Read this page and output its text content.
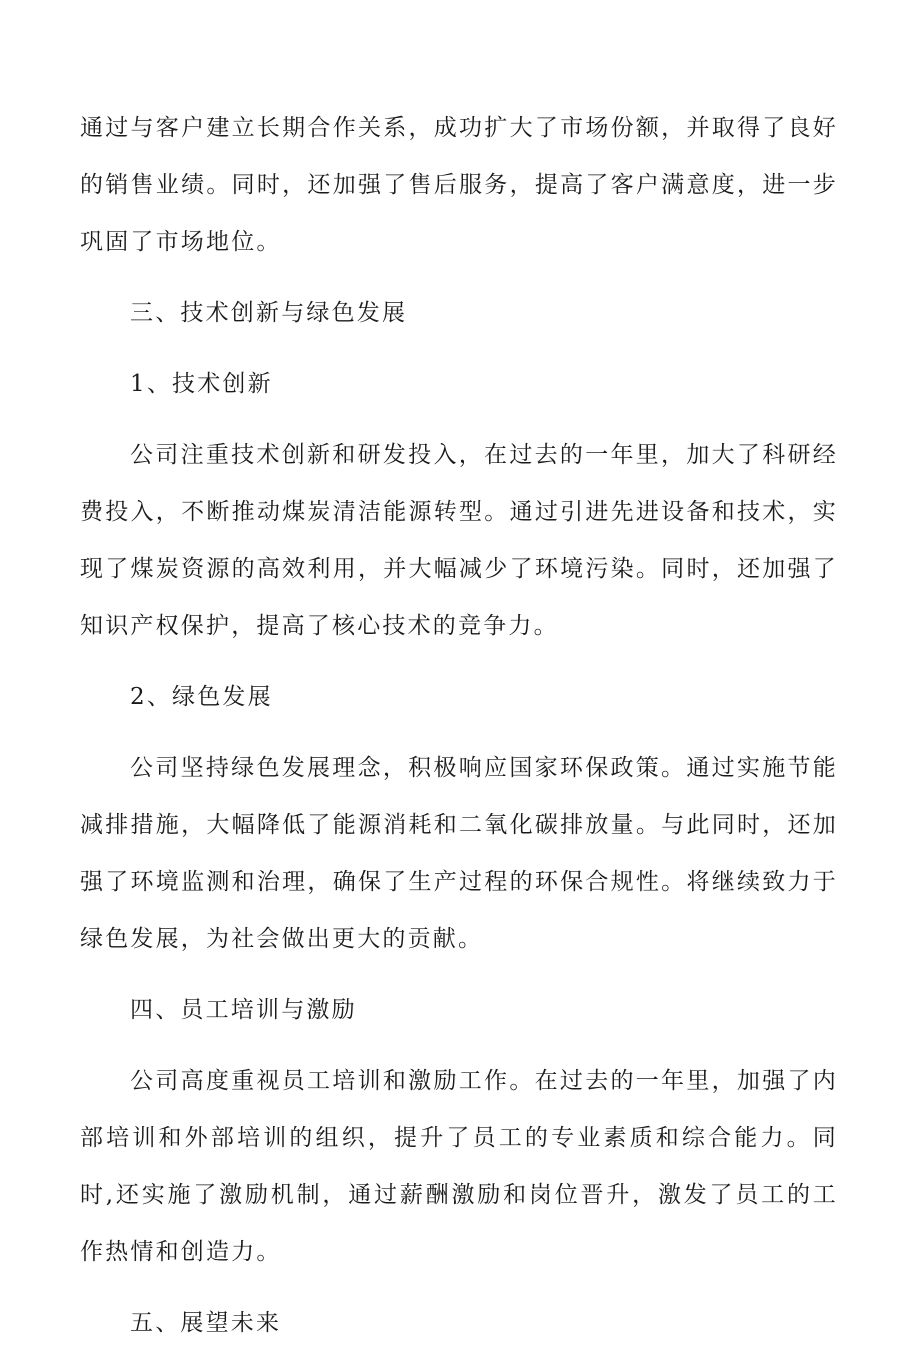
通过与客户建立长期合作关系，成功扩大了市场份额，并取得了良好的销售业绩。同时，还加强了售后服务，提高了客户满意度，进一步巩固了市场地位。

三、技术创新与绿色发展

1、技术创新

公司注重技术创新和研发投入，在过去的一年里，加大了科研经费投入，不断推动煤炭清洁能源转型。通过引进先进设备和技术，实现了煤炭资源的高效利用，并大幅减少了环境污染。同时，还加强了知识产权保护，提高了核心技术的竞争力。

2、绿色发展

公司坚持绿色发展理念，积极响应国家环保政策。通过实施节能减排措施，大幅降低了能源消耗和二氧化碳排放量。与此同时，还加强了环境监测和治理，确保了生产过程的环保合规性。将继续致力于绿色发展，为社会做出更大的贡献。

四、员工培训与激励

公司高度重视员工培训和激励工作。在过去的一年里，加强了内部培训和外部培训的组织，提升了员工的专业素质和综合能力。同时,还实施了激励机制，通过薪酬激励和岗位晋升，激发了员工的工作热情和创造力。

五、展望未来
